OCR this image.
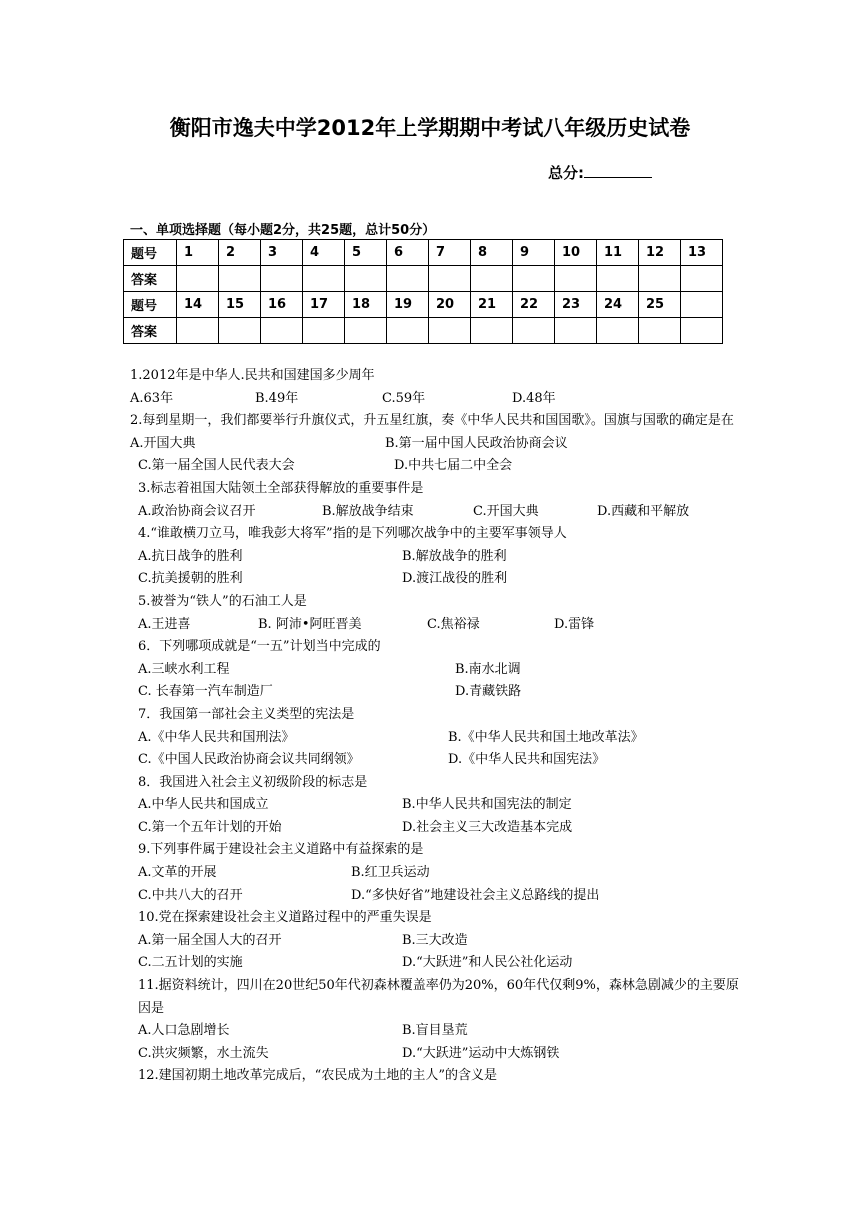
衡阳市逸夫中学2012年上学期期中考试八年级历史试卷
总分:
一、单项选择题（每小题2分，共25题，总计50分）
题号	1	2	3	4	5	6	7	8	9	10	11	12	13
答案													
题号	14	15	16	17	18	19	20	21	22	23	24	25	
答案													
1.2012年是中华人.民共和国建国多少周年
A.63年	B.49年	C.59年	D.48年
2.每到星期一，我们都要举行升旗仪式，升五星红旗，奏《中华人民共和国国歌》。国旗与国歌的确定是在
A.开国大典	B.第一届中国人民政治协商会议
C.第一届全国人民代表大会	D.中共七届二中全会
3.标志着祖国大陆领土全部获得解放的重要事件是
A.政治协商会议召开	B.解放战争结束	C.开国大典	D.西藏和平解放
4.“谁敢横刀立马，唯我彭大将军”指的是下列哪次战争中的主要军事领导人
A.抗日战争的胜利	B.解放战争的胜利
C.抗美援朝的胜利	D.渡江战役的胜利
5.被誉为“铁人”的石油工人是
A.王进喜	B. 阿沛•阿旺晋美	C.焦裕禄	D.雷锋
6．下列哪项成就是“一五”计划当中完成的
A.三峡水利工程	B.南水北调
C. 长春第一汽车制造厂	D.青藏铁路
7．我国第一部社会主义类型的宪法是
A.《中华人民共和国刑法》	B.《中华人民共和国土地改革法》
C.《中国人民政治协商会议共同纲领》	D.《中华人民共和国宪法》
8．我国进入社会主义初级阶段的标志是
A.中华人民共和国成立	B.中华人民共和国宪法的制定
C.第一个五年计划的开始	D.社会主义三大改造基本完成
9.下列事件属于建设社会主义道路中有益探索的是
A.文革的开展	B.红卫兵运动
C.中共八大的召开	D.“多快好省”地建设社会主义总路线的提出
10.党在探索建设社会主义道路过程中的严重失误是
A.第一届全国人大的召开	B.三大改造
C.二五计划的实施	D.“大跃进”和人民公社化运动
11.据资料统计，四川在20世纪50年代初森林覆盖率仍为20%，60年代仅剩9%，森林急剧减少的主要原因是
A.人口急剧增长	B.盲目垦荒
C.洪灾频繁，水土流失	D.“大跃进”运动中大炼钢铁
12.建国初期土地改革完成后，“农民成为土地的主人”的含义是
